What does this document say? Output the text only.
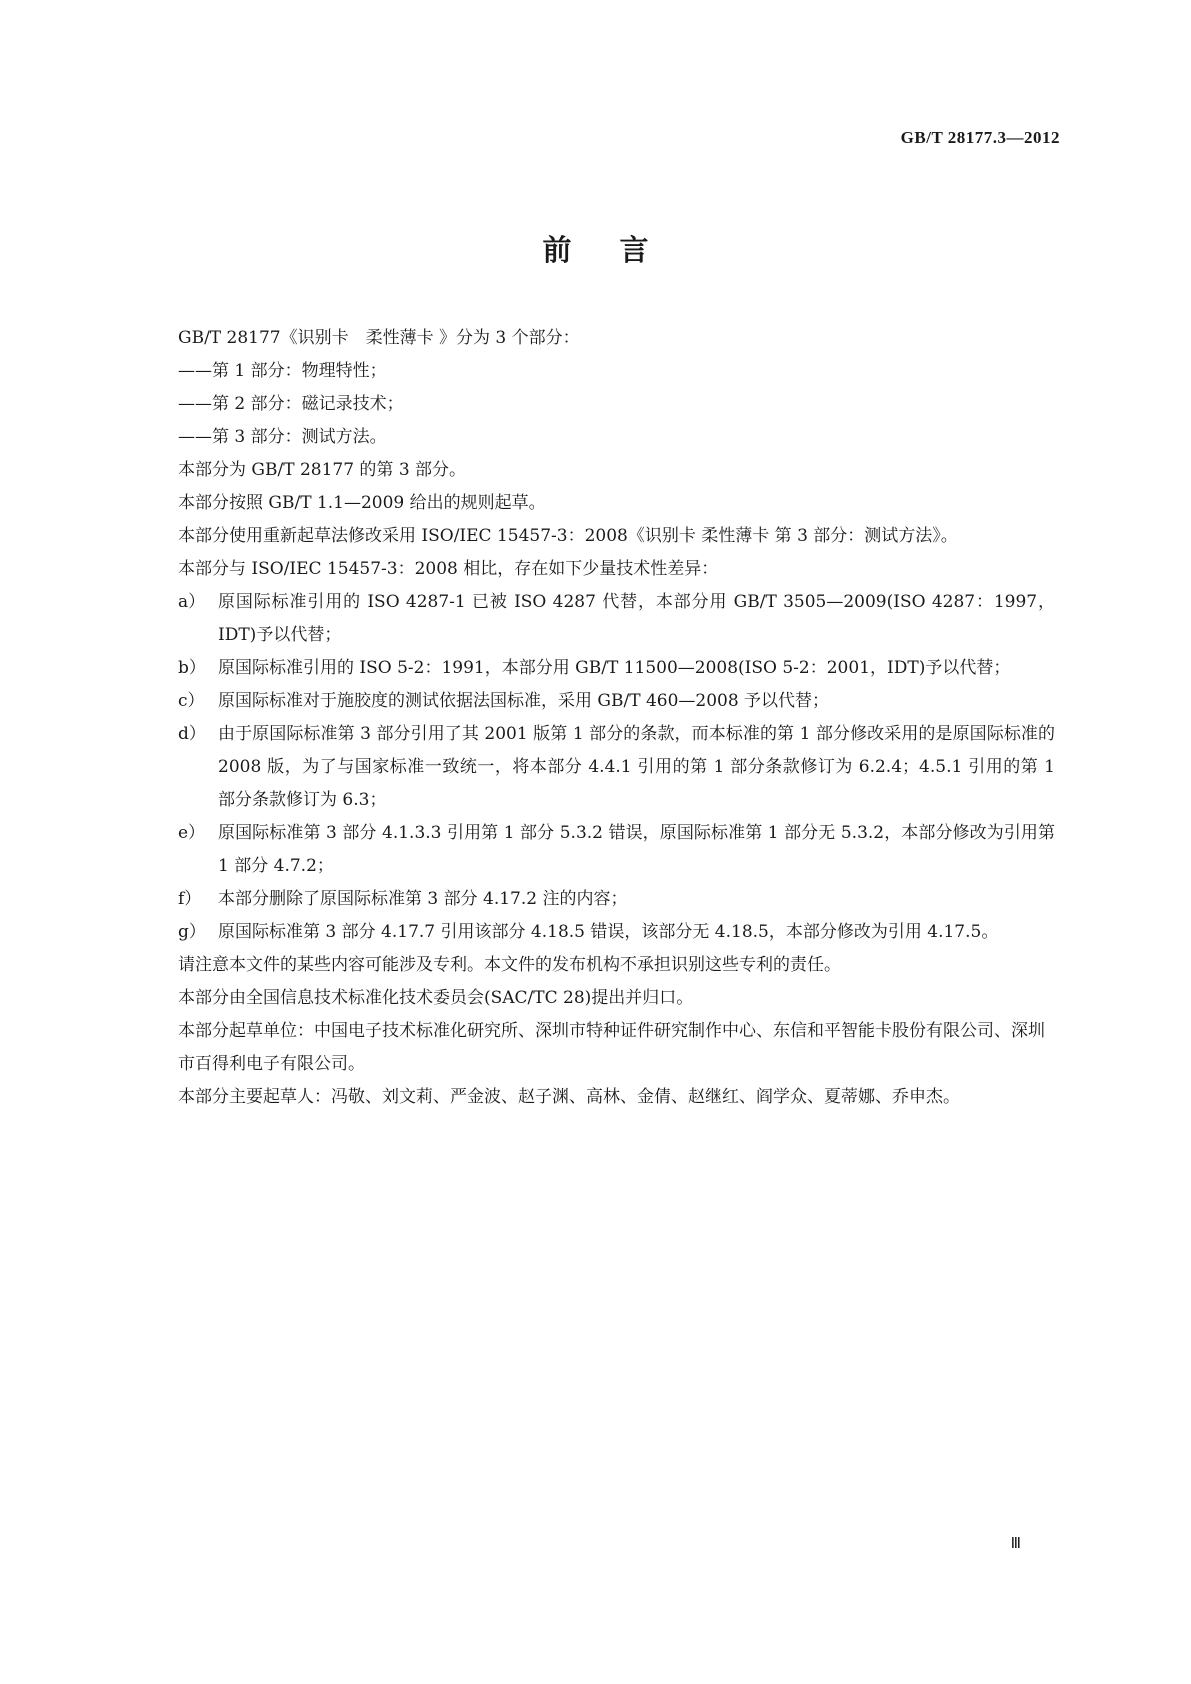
GB/T 28177.3—2012
前言

GB/T 28177《识别卡　柔性薄卡 》分为 3 个部分：

——第 1 部分：物理特性；

——第 2 部分：磁记录技术；

——第 3 部分：测试方法。

本部分为 GB/T 28177 的第 3 部分。

本部分按照 GB/T 1.1—2009 给出的规则起草。

本部分使用重新起草法修改采用 ISO/IEC 15457-3：2008《识别卡 柔性薄卡 第 3 部分：测试方法》。

本部分与 ISO/IEC 15457-3：2008 相比，存在如下少量技术性差异：

a） 原国际标准引用的 ISO 4287-1 已被 ISO 4287 代替，本部分用 GB/T 3505—2009(ISO 4287：1997，IDT)予以代替；
b） 原国际标准引用的 ISO 5-2：1991，本部分用 GB/T 11500—2008(ISO 5-2：2001，IDT)予以代替；
c） 原国际标准对于施胶度的测试依据法国标准，采用 GB/T 460—2008 予以代替；
d） 由于原国际标准第 3 部分引用了其 2001 版第 1 部分的条款，而本标准的第 1 部分修改采用的是原国际标准的 2008 版，为了与国家标准一致统一，将本部分 4.4.1 引用的第 1 部分条款修订为 6.2.4；4.5.1 引用的第 1 部分条款修订为 6.3；
e） 原国际标准第 3 部分 4.1.3.3 引用第 1 部分 5.3.2 错误，原国际标准第 1 部分无 5.3.2，本部分修改为引用第 1 部分 4.7.2；
f） 本部分删除了原国际标准第 3 部分 4.17.2 注的内容；
g） 原国际标准第 3 部分 4.17.7 引用该部分 4.18.5 错误，该部分无 4.18.5，本部分修改为引用 4.17.5。

请注意本文件的某些内容可能涉及专利。本文件的发布机构不承担识别这些专利的责任。

本部分由全国信息技术标准化技术委员会(SAC/TC 28)提出并归口。

本部分起草单位：中国电子技术标准化研究所、深圳市特种证件研究制作中心、东信和平智能卡股份有限公司、深圳市百得利电子有限公司。

本部分主要起草人：冯敬、刘文莉、严金波、赵子渊、高林、金倩、赵继红、阎学众、夏蒂娜、乔申杰。

Ⅲ
